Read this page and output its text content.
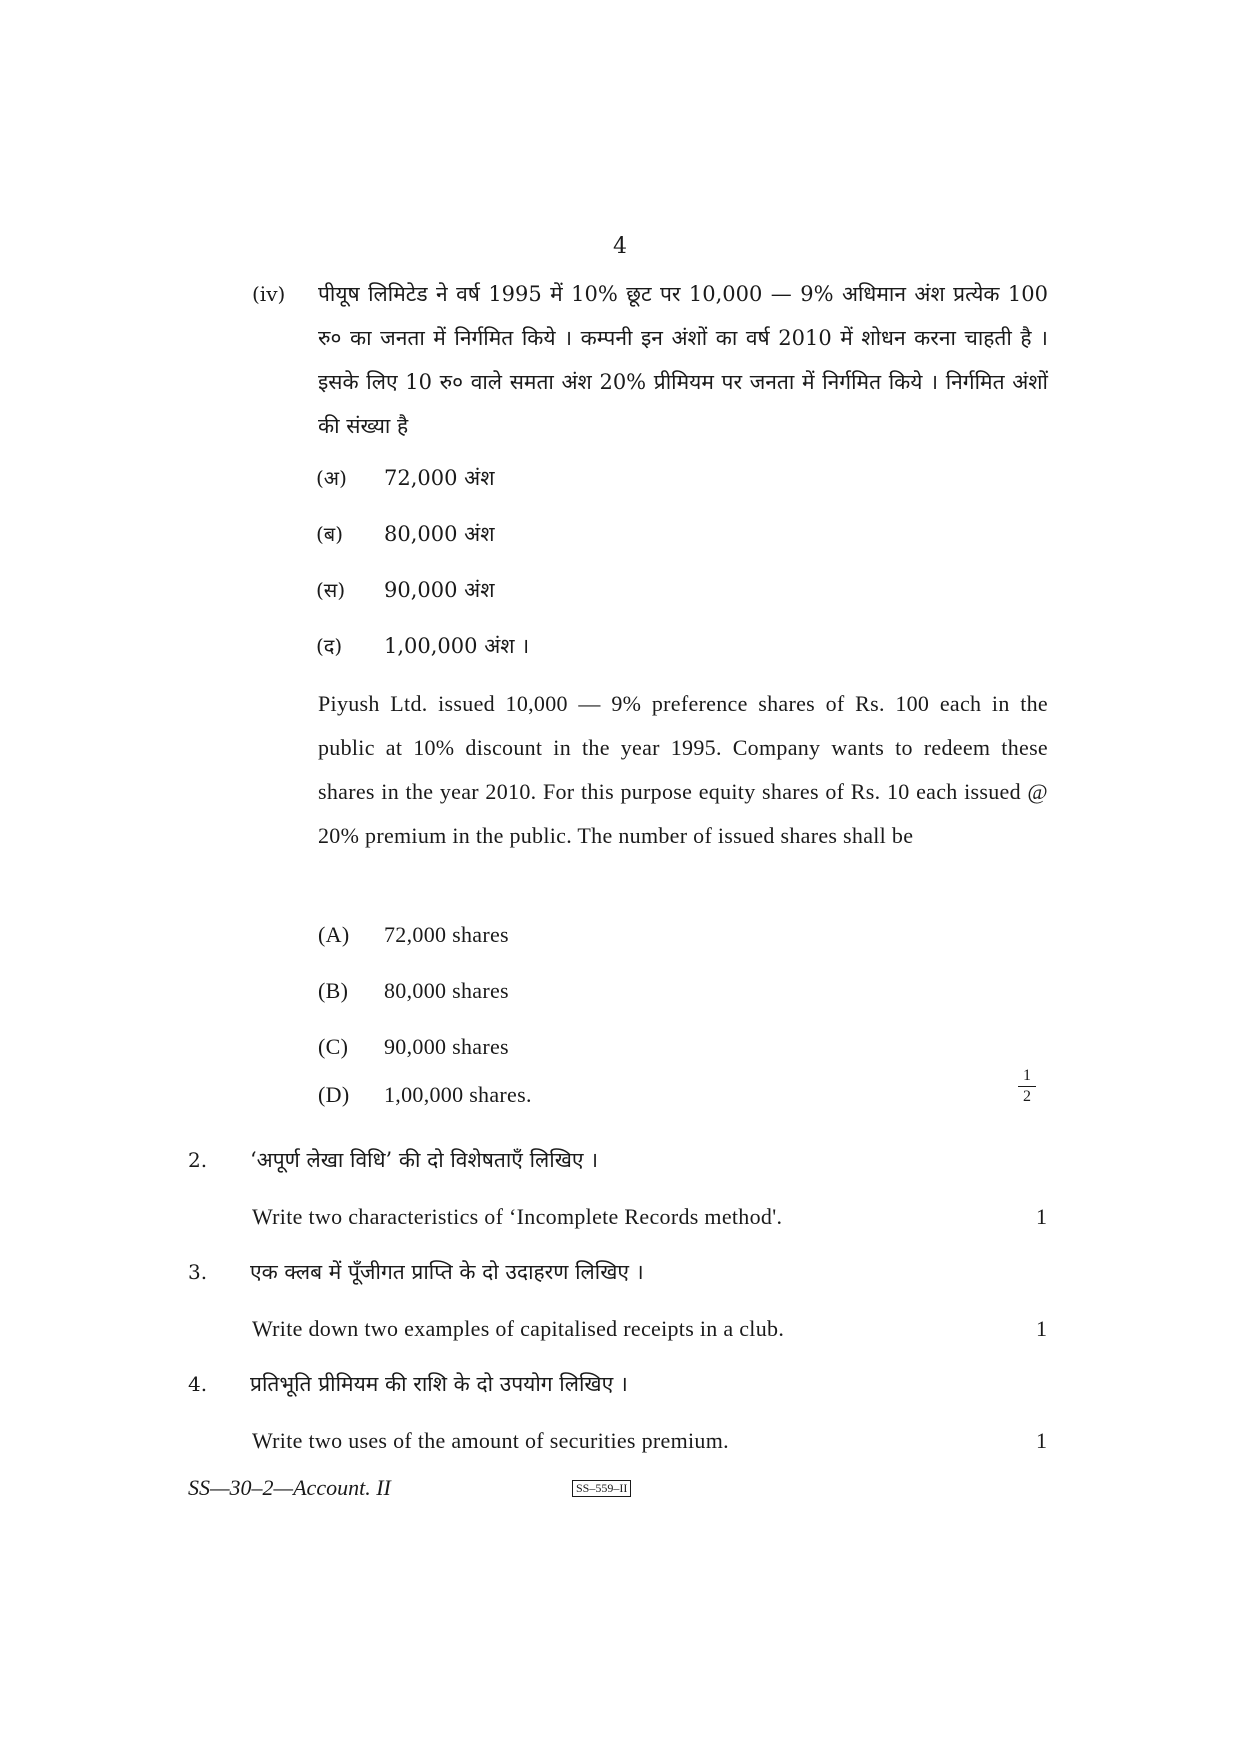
4
(iv) पीयूष लिमिटेड ने वर्ष 1995 में 10% छूट पर 10,000 — 9% अधिमान अंश प्रत्येक 100 रु० का जनता में निर्गमित किये । कम्पनी इन अंशों का वर्ष 2010 में शोधन करना चाहती है । इसके लिए 10 रु० वाले समता अंश 20% प्रीमियम पर जनता में निर्गमित किये । निर्गमित अंशों की संख्या है
(अ) 72,000 अंश
(ब) 80,000 अंश
(स) 90,000 अंश
(द) 1,00,000 अंश ।
Piyush Ltd. issued 10,000 — 9% preference shares of Rs. 100 each in the public at 10% discount in the year 1995. Company wants to redeem these shares in the year 2010. For this purpose equity shares of Rs. 10 each issued @ 20% premium in the public. The number of issued shares shall be
(A) 72,000 shares
(B) 80,000 shares
(C) 90,000 shares
(D) 1,00,000 shares.
1
2
2. ‘अपूर्ण लेखा विधि’ की दो विशेषताएँ लिखिए ।
Write two characteristics of ‘Incomplete Records method'.	1
3. एक क्लब में पूँजीगत प्राप्ति के दो उदाहरण लिखिए ।
Write down two examples of capitalised receipts in a club.	1
4. प्रतिभूति प्रीमियम की राशि के दो उपयोग लिखिए ।
Write two uses of the amount of securities premium.	1
SS—30–2—Account. II	SS–559–II
